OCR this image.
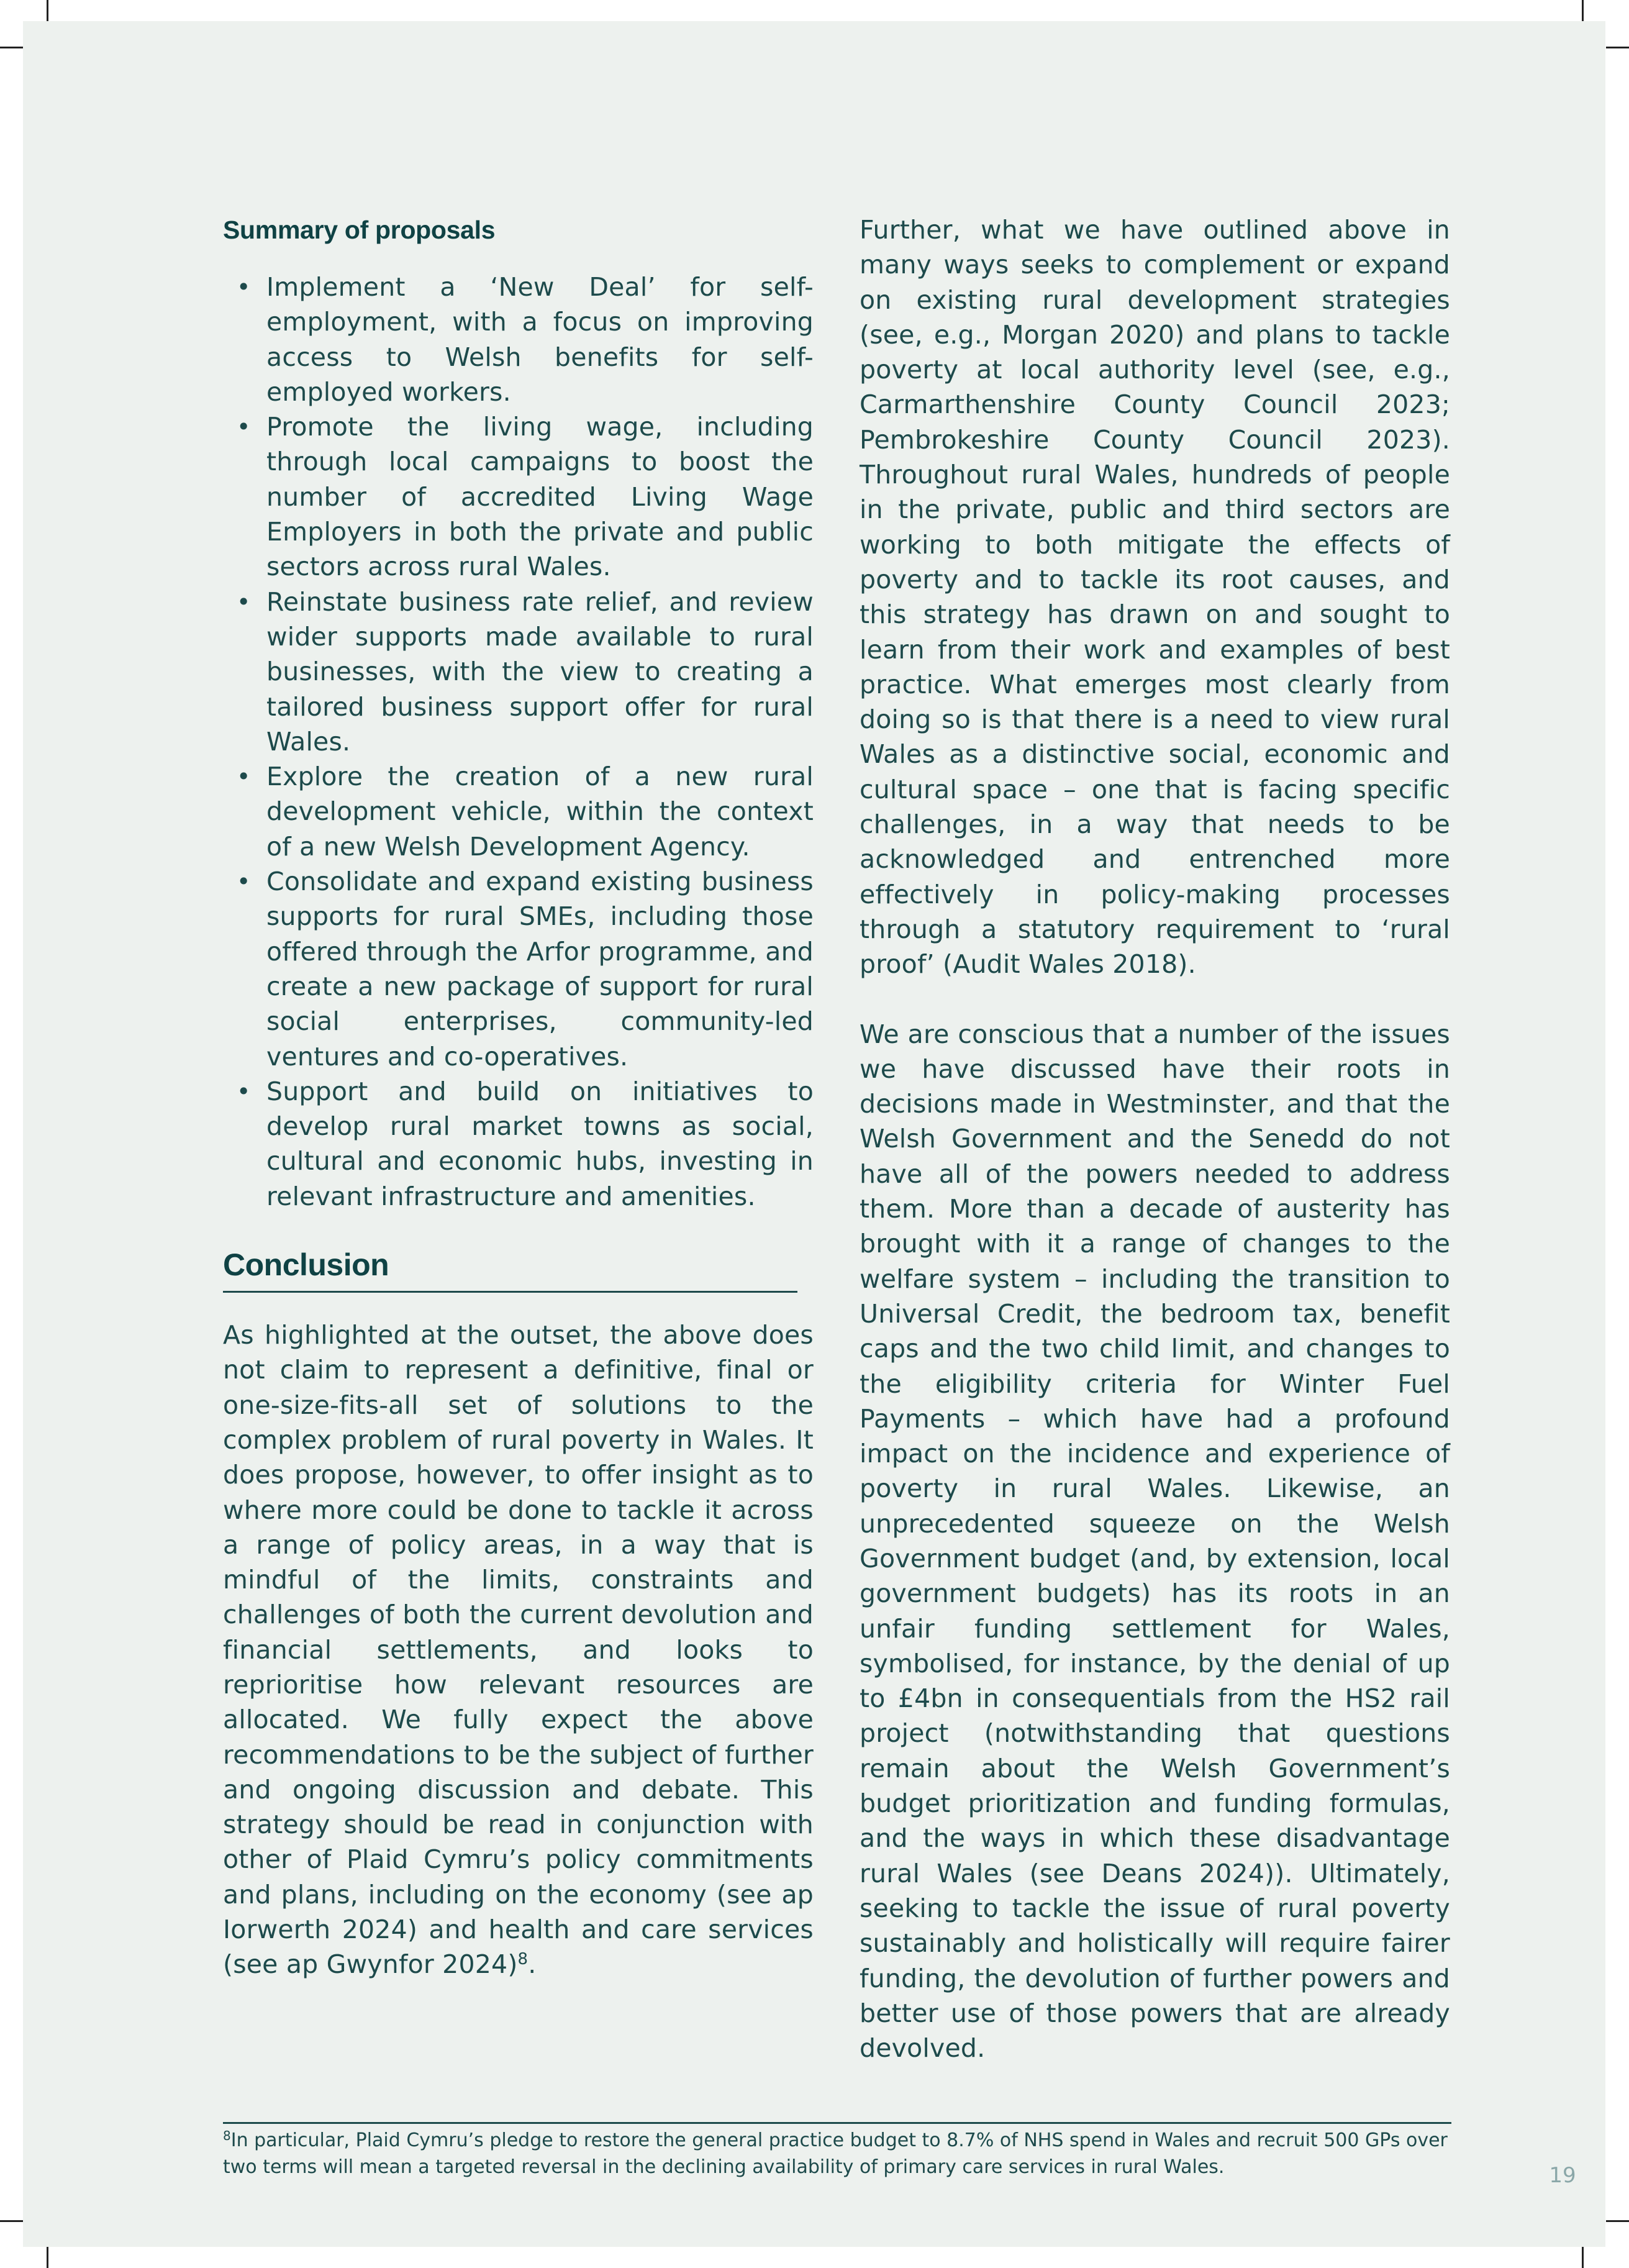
Summary of proposals
• Implement a ‘New Deal’ for self-employment, with a focus on improving access to Welsh benefits for self-employed workers.
• Promote the living wage, including through local campaigns to boost the number of accredited Living Wage Employers in both the private and public sectors across rural Wales.
• Reinstate business rate relief, and review wider supports made available to rural businesses, with the view to creating a tailored business support offer for rural Wales.
• Explore the creation of a new rural development vehicle, within the context of a new Welsh Development Agency.
• Consolidate and expand existing business supports for rural SMEs, including those offered through the Arfor programme, and create a new package of support for rural social enterprises, community-led ventures and co-operatives.
• Support and build on initiatives to develop rural market towns as social, cultural and economic hubs, investing in relevant infrastructure and amenities.
Conclusion

As highlighted at the outset, the above does not claim to represent a definitive, final or one-size-fits-all set of solutions to the complex problem of rural poverty in Wales. It does propose, however, to offer insight as to where more could be done to tackle it across a range of policy areas, in a way that is mindful of the limits, constraints and challenges of both the current devolution and financial settlements, and looks to reprioritise how relevant resources are allocated. We fully expect the above recommendations to be the subject of further and ongoing discussion and debate. This strategy should be read in conjunction with other of Plaid Cymru’s policy commitments and plans, including on the economy (see ap Iorwerth 2024) and health and care services (see ap Gwynfor 2024)$^8$.

Further, what we have outlined above in many ways seeks to complement or expand on existing rural development strategies (see, e.g., Morgan 2020) and plans to tackle poverty at local authority level (see, e.g., Carmarthenshire County Council 2023; Pembrokeshire County Council 2023). Throughout rural Wales, hundreds of people in the private, public and third sectors are working to both mitigate the effects of poverty and to tackle its root causes, and this strategy has drawn on and sought to learn from their work and examples of best practice. What emerges most clearly from doing so is that there is a need to view rural Wales as a distinctive social, economic and cultural space – one that is facing specific challenges, in a way that needs to be acknowledged and entrenched more effectively in policy-making processes through a statutory requirement to ‘rural proof’ (Audit Wales 2018).

We are conscious that a number of the issues we have discussed have their roots in decisions made in Westminster, and that the Welsh Government and the Senedd do not have all of the powers needed to address them. More than a decade of austerity has brought with it a range of changes to the welfare system – including the transition to Universal Credit, the bedroom tax, benefit caps and the two child limit, and changes to the eligibility criteria for Winter Fuel Payments – which have had a profound impact on the incidence and experience of poverty in rural Wales. Likewise, an unprecedented squeeze on the Welsh Government budget (and, by extension, local government budgets) has its roots in an unfair funding settlement for Wales, symbolised, for instance, by the denial of up to £4bn in consequentials from the HS2 rail project (notwithstanding that questions remain about the Welsh Government’s budget prioritization and funding formulas, and the ways in which these disadvantage rural Wales (see Deans 2024)). Ultimately, seeking to tackle the issue of rural poverty sustainably and holistically will require fairer funding, the devolution of further powers and better use of those powers that are already devolved.

$^8$In particular, Plaid Cymru’s pledge to restore the general practice budget to 8.7% of NHS spend in Wales and recruit 500 GPs over two terms will mean a targeted reversal in the declining availability of primary care services in rural Wales.	19
